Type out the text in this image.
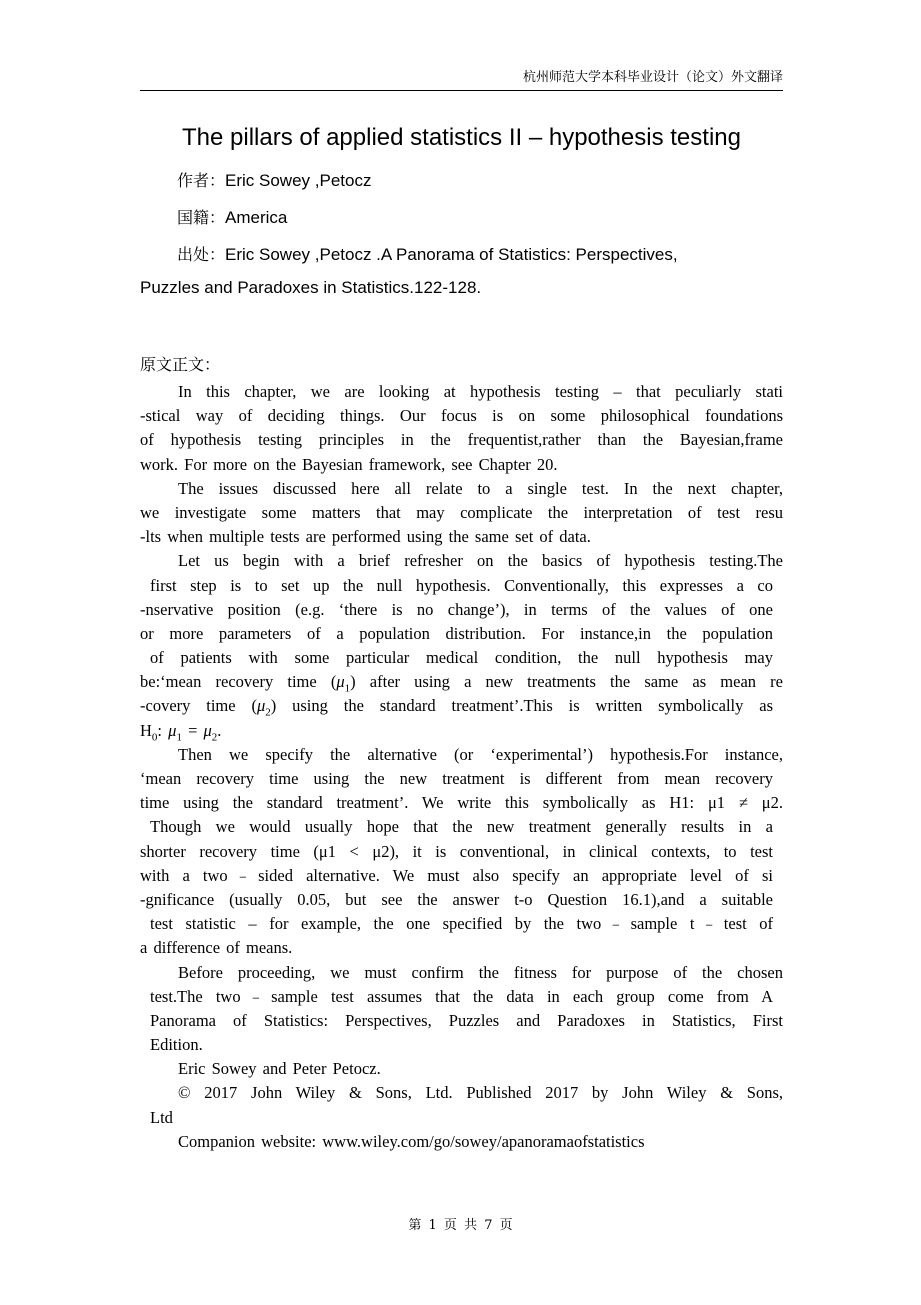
杭州师范大学本科毕业设计（论文）外文翻译
The pillars of applied statistics II – hypothesis testing
作者：Eric Sowey ,Petocz
国籍：America
出处：Eric Sowey ,Petocz .A Panorama of Statistics: Perspectives,
Puzzles and Paradoxes in Statistics.122-128.
原文正文：
In this chapter, we are looking at hypothesis testing – that peculiarly stati
-stical way of deciding things. Our focus is on some philosophical foundations
of hypothesis testing principles in the frequentist,rather than the Bayesian,frame
work. For more on the Bayesian framework, see Chapter 20.
The issues discussed here all relate to a single test. In the next chapter,
we investigate some matters that may complicate the interpretation of test resu
-lts when multiple tests are performed using the same set of data.
Let us begin with a brief refresher on the basics of hypothesis testing.The
first step is to set up the null hypothesis. Conventionally, this expresses a co
-nservative position (e.g. ‘there is no change’), in terms of the values of one
or more parameters of a population distribution. For instance,in the population
of patients with some particular medical condition, the null hypothesis may
be:‘mean recovery time $(\mu_1)$ after using a new treatments the same as mean re
-covery time $(\mu_2)$ using the standard treatment’.This is written symbolically as
$H_0$: $\mu_1 = \mu_2$.
Then we specify the alternative (or ‘experimental’) hypothesis.For instance,
‘mean recovery time using the new treatment is different from mean recovery
time using the standard treatment’. We write this symbolically as H1: μ1 ≠ μ2.
Though we would usually hope that the new treatment generally results in a
shorter recovery time (μ1 < μ2), it is conventional, in clinical contexts, to test
with a two﹣sided alternative. We must also specify an appropriate level of si
-gnificance (usually 0.05, but see the answer t-o Question 16.1),and a suitable
test statistic – for example, the one specified by the two﹣sample t﹣test of
a difference of means.
Before proceeding, we must confirm the fitness for purpose of the chosen
test.The two﹣sample test assumes that the data in each group come from A
Panorama of Statistics: Perspectives, Puzzles and Paradoxes in Statistics, First
Edition.
Eric Sowey and Peter Petocz.
© 2017 John Wiley & Sons, Ltd. Published 2017 by John Wiley & Sons,
Ltd
Companion website: www.wiley.com/go/sowey/apanoramaofstatistics
第 1 页 共 7 页
